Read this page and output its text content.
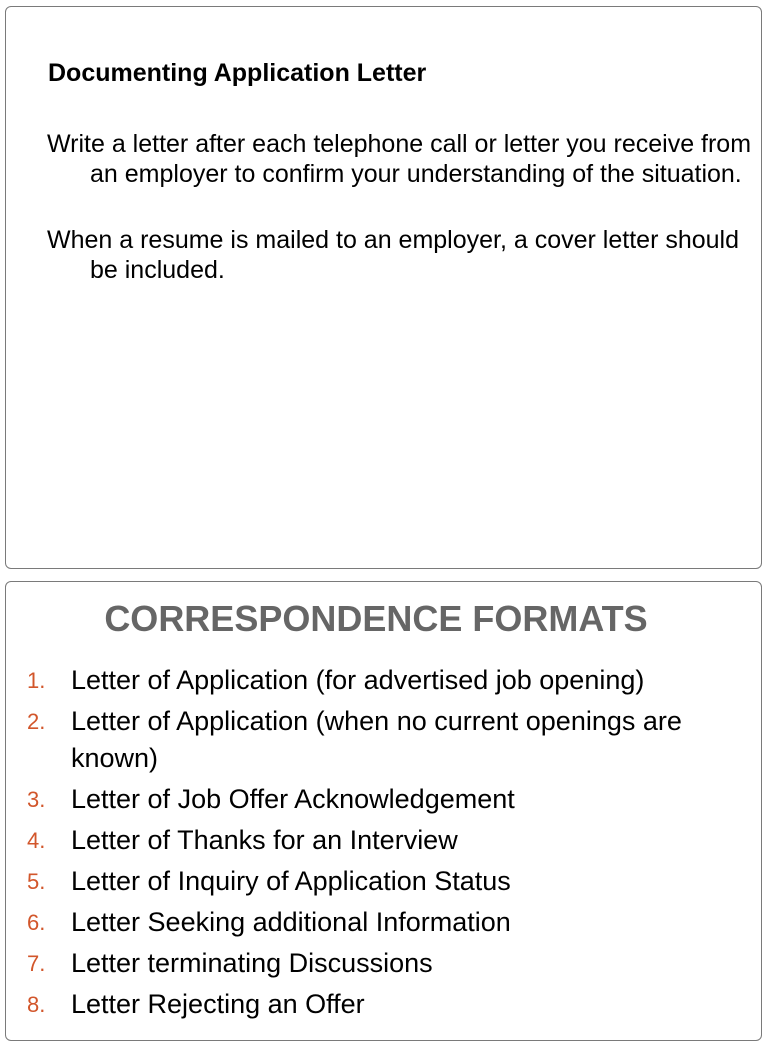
Documenting Application Letter
Write a letter after each telephone call or letter you receive from an employer to confirm your understanding of the situation.
When a resume is mailed to an employer, a cover letter should be included.
CORRESPONDENCE FORMATS
1. Letter of Application (for advertised job opening)
2. Letter of Application (when no current openings are known)
3. Letter of Job Offer Acknowledgement
4. Letter of Thanks for an Interview
5. Letter of Inquiry of Application Status
6. Letter Seeking additional Information
7. Letter terminating Discussions
8. Letter Rejecting an Offer
